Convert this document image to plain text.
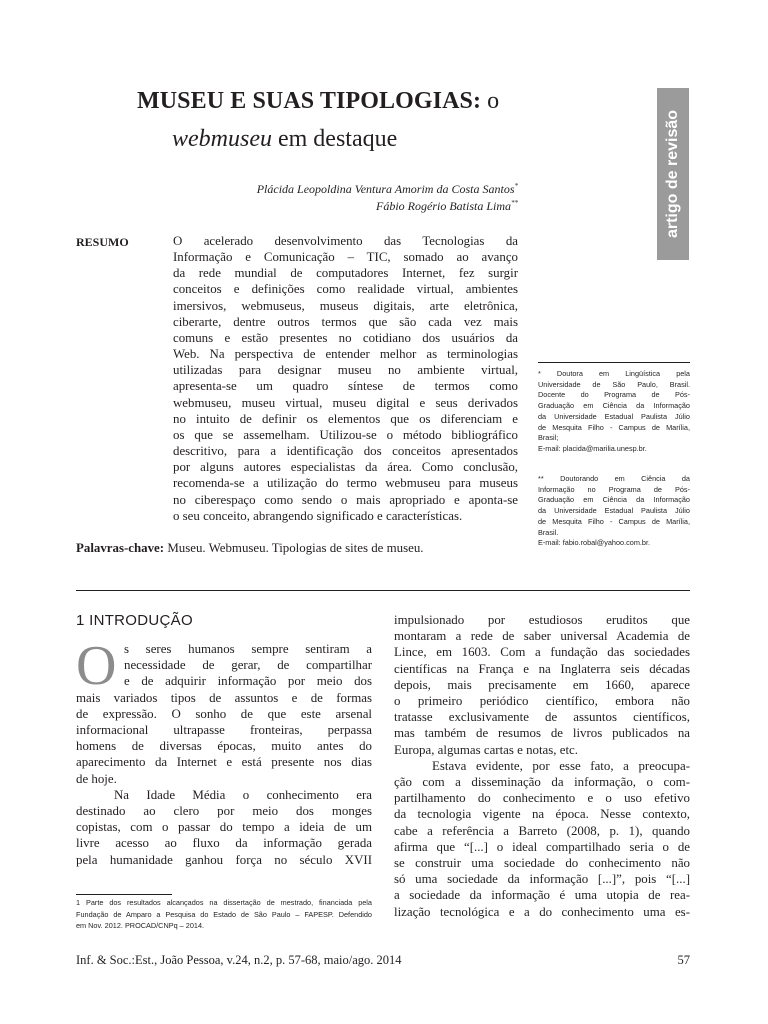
MUSEU E SUAS TIPOLOGIAS: o
webmuseu em destaque
Plácida Leopoldina Ventura Amorim da Costa Santos*
Fábio Rogério Batista Lima**	artigo de revisão
RESUMO	O acelerado desenvolvimento das Tecnologias da
Informação e Comunicação – TIC, somado ao avanço
da rede mundial de computadores Internet, fez surgir
conceitos e definições como realidade virtual, ambientes
imersivos, webmuseus, museus digitais, arte eletrônica,
ciberarte, dentre outros termos que são cada vez mais
comuns e estão presentes no cotidiano dos usuários da
Web. Na perspectiva de entender melhor as terminologias
utilizadas para designar museu no ambiente virtual,
apresenta-se um quadro síntese de termos como
webmuseu, museu virtual, museu digital e seus derivados
no intuito de definir os elementos que os diferenciam e
os que se assemelham. Utilizou-se o método bibliográfico
descritivo, para a identificação dos conceitos apresentados
por alguns autores especialistas da área. Como conclusão,
recomenda-se a utilização do termo webmuseu para museus
no ciberespaço como sendo o mais apropriado e aponta-se
o seu conceito, abrangendo significado e características.
* Doutora em Lingüística pela
Universidade de São Paulo, Brasil.
Docente do Programa de Pós-
Graduação em Ciência da Informação
da Universidade Estadual Paulista Júlio
de Mesquita Filho - Campus de Marília,
Brasil;
E-mail: placida@marilia.unesp.br.
** Doutorando em Ciência da
Informação no Programa de Pós-
Graduação em Ciência da Informação
da Universidade Estadual Paulista Júlio
de Mesquita Filho - Campus de Marília,
Brasil.
E-mail: fabio.robal@yahoo.com.br.
Palavras-chave: Museu. Webmuseu. Tipologias de sites de museu.
1 INTRODUÇÃO
O s seres humanos sempre sentiram a
necessidade de gerar, de compartilhar
e de adquirir informação por meio dos
mais variados tipos de assuntos e de formas
de expressão. O sonho de que este arsenal
informacional ultrapasse fronteiras, perpassa
homens de diversas épocas, muito antes do
aparecimento da Internet e está presente nos dias
de hoje.
Na Idade Média o conhecimento era
destinado ao clero por meio dos monges
copistas, com o passar do tempo a ideia de um
livre acesso ao fluxo da informação gerada
pela humanidade ganhou força no século XVII
impulsionado por estudiosos eruditos que
montaram a rede de saber universal Academia de
Lince, em 1603. Com a fundação das sociedades
científicas na França e na Inglaterra seis décadas
depois, mais precisamente em 1660, aparece
o primeiro periódico científico, embora não
tratasse exclusivamente de assuntos científicos,
mas também de resumos de livros publicados na
Europa, algumas cartas e notas, etc.
Estava evidente, por esse fato, a preocupa-
ção com a disseminação da informação, o com-
partilhamento do conhecimento e o uso efetivo
da tecnologia vigente na época. Nesse contexto,
cabe a referência a Barreto (2008, p. 1), quando
afirma que “[...] o ideal compartilhado seria o de
se construir uma sociedade do conhecimento não
só uma sociedade da informação [...]”, pois “[...]
a sociedade da informação é uma utopia de rea-
lização tecnológica e a do conhecimento uma es-
1 Parte dos resultados alcançados na dissertação de mestrado, financiada pela
Fundação de Amparo a Pesquisa do Estado de São Paulo – FAPESP. Defendido
em Nov. 2012. PROCAD/CNPq – 2014.
Inf. & Soc.:Est., João Pessoa, v.24, n.2, p. 57-68, maio/ago. 2014	57
